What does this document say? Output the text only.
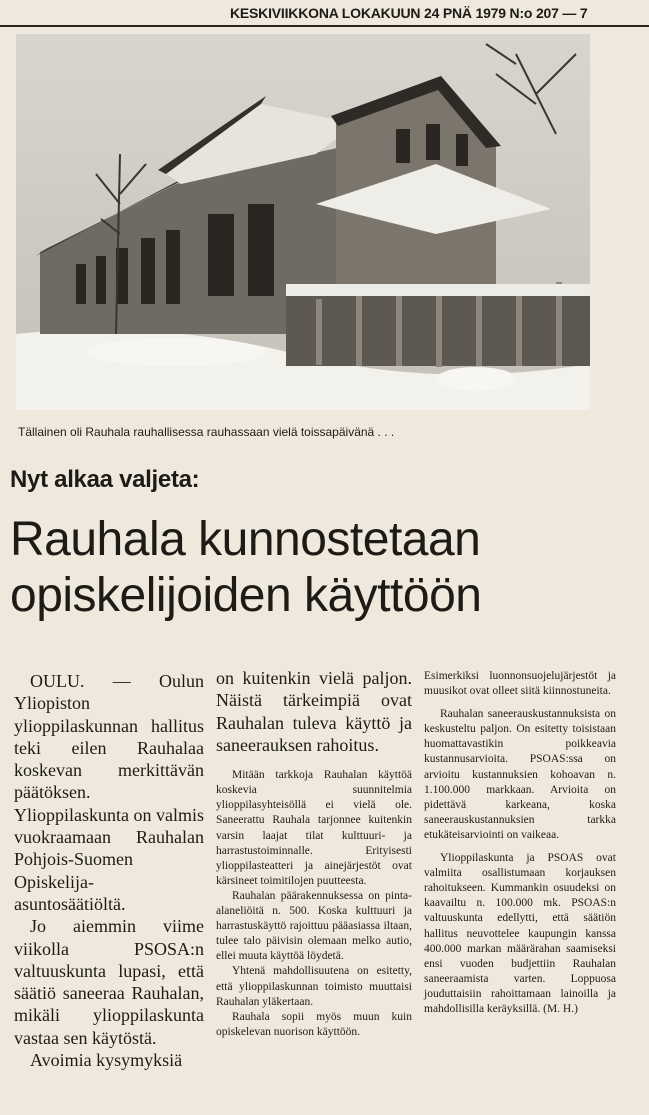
KESKIVIIKKONA LOKAKUUN 24 PNÄ 1979 N:o 207 — 7
Tällainen oli Rauhala rauhallisessa rauhassaan vielä toissapäivänä . . .

Nyt alkaa valjeta:
Rauhala kunnostetaan
opiskelijoiden käyttöön

OULU. — Oulun Yliopiston ylioppilaskunnan hallitus teki eilen Rauhalaa koskevan merkittävän päätöksen. Ylioppilaskunta on valmis vuokraamaan Rauhalan Pohjois-Suomen Opiskelija-asuntosäätiöltä.

Jo aiemmin viime viikolla PSOSA:n valtuuskunta lupasi, että säätiö saneeraa Rauhalan, mikäli ylioppilaskunta vastaa sen käytöstä.

Avoimia kysymyksiä

on kuitenkin vielä paljon. Näistä tärkeimpiä ovat Rauhalan tuleva käyttö ja saneerauksen rahoitus.

Mitään tarkkoja Rauhalan käyttöä koskevia suunnitelmia ylioppilasyhteisöllä ei vielä ole. Saneerattu Rauhala tarjonnee kuitenkin varsin laajat tilat kulttuuri- ja harrastustoiminnalle. Erityisesti ylioppilasteatteri ja ainejärjestöt ovat kärsineet toimitilojen puutteesta.

Rauhalan päärakennuksessa on pinta-alaneliöitä n. 500. Koska kulttuuri ja harrastuskäyttö rajoittuu pääasiassa iltaan, tulee talo päivisin olemaan melko autio, ellei muuta käyttöä löydetä.

Yhtenä mahdollisuutena on esitetty, että ylioppilaskunnan toimisto muuttaisi Rauhalan yläkertaan.

Rauhala sopii myös muun kuin opiskelevan nuorison käyttöön.

Esimerkiksi luonnonsuojelujärjestöt ja muusikot ovat olleet siitä kiinnostuneita.

Rauhalan saneerauskustannuksista on keskusteltu paljon. On esitetty toisistaan huomattavastikin poikkeavia kustannusarvioita. PSOAS:ssa on arvioitu kustannuksien kohoavan n. 1.100.000 markkaan. Arvioita on pidettävä karkeana, koska saneerauskustannuksien tarkka etukäteisarviointi on vaikeaa.

Ylioppilaskunta ja PSOAS ovat valmiita osallistumaan korjauksen rahoitukseen. Kummankin osuudeksi on kaavailtu n. 100.000 mk. PSOAS:n valtuuskunta edellytti, että säätiön hallitus neuvottelee kaupungin kanssa 400.000 markan määrärahan saamiseksi ensi vuoden budjettiin Rauhalan saneeraamista varten. Loppuosa jouduttaisiin rahoittamaan lainoilla ja mahdollisilla keräyksillä. (M. H.)
